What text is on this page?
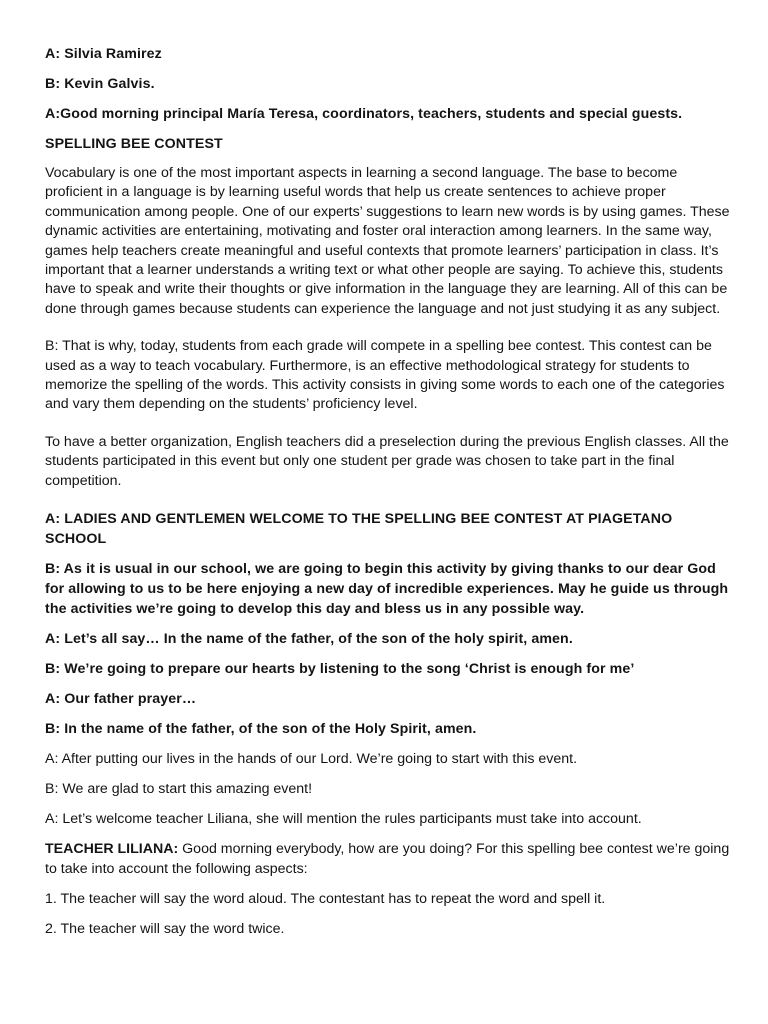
A: Silvia Ramirez
B: Kevin Galvis.
A:Good morning principal María Teresa, coordinators, teachers, students and special guests.
SPELLING BEE CONTEST

Vocabulary is one of the most important aspects in learning a second language. The base to become proficient in a language is by learning useful words that help us create sentences to achieve proper communication among people. One of our experts’ suggestions to learn new words is by using games. These dynamic activities are entertaining, motivating and foster oral interaction among learners. In the same way, games help teachers create meaningful and useful contexts that promote learners’ participation in class. It’s important that a learner understands a writing text or what other people are saying. To achieve this, students have to speak and write their thoughts or give information in the language they are learning. All of this can be done through games because students can experience the language and not just studying it as any subject.

B: That is why, today, students from each grade will compete in a spelling bee contest. This contest can be used as a way to teach vocabulary. Furthermore, is an effective methodological strategy for students to memorize the spelling of the words. This activity consists in giving some words to each one of the categories and vary them depending on the students’ proficiency level.

To have a better organization, English teachers did a preselection during the previous English classes. All the students participated in this event but only one student per grade was chosen to take part in the final competition.

A: LADIES AND GENTLEMEN WELCOME TO THE SPELLING BEE CONTEST AT PIAGETANO SCHOOL
B: As it is usual in our school, we are going to begin this activity by giving thanks to our dear God for allowing to us to be here enjoying a new day of incredible experiences. May he guide us through the activities we’re going to develop this day and bless us in any possible way.
A: Let’s all say… In the name of the father, of the son of the holy spirit, amen.
B: We’re going to prepare our hearts by listening to the song ‘Christ is enough for me’
A: Our father prayer…
B: In the name of the father, of the son of the Holy Spirit, amen.
A: After putting our lives in the hands of our Lord. We’re going to start with this event.
B: We are glad to start this amazing event!
A: Let’s welcome teacher Liliana, she will mention the rules participants must take into account.
TEACHER LILIANA: Good morning everybody, how are you doing? For this spelling bee contest we’re going to take into account the following aspects:
1. The teacher will say the word aloud. The contestant has to repeat the word and spell it.
2. The teacher will say the word twice.
